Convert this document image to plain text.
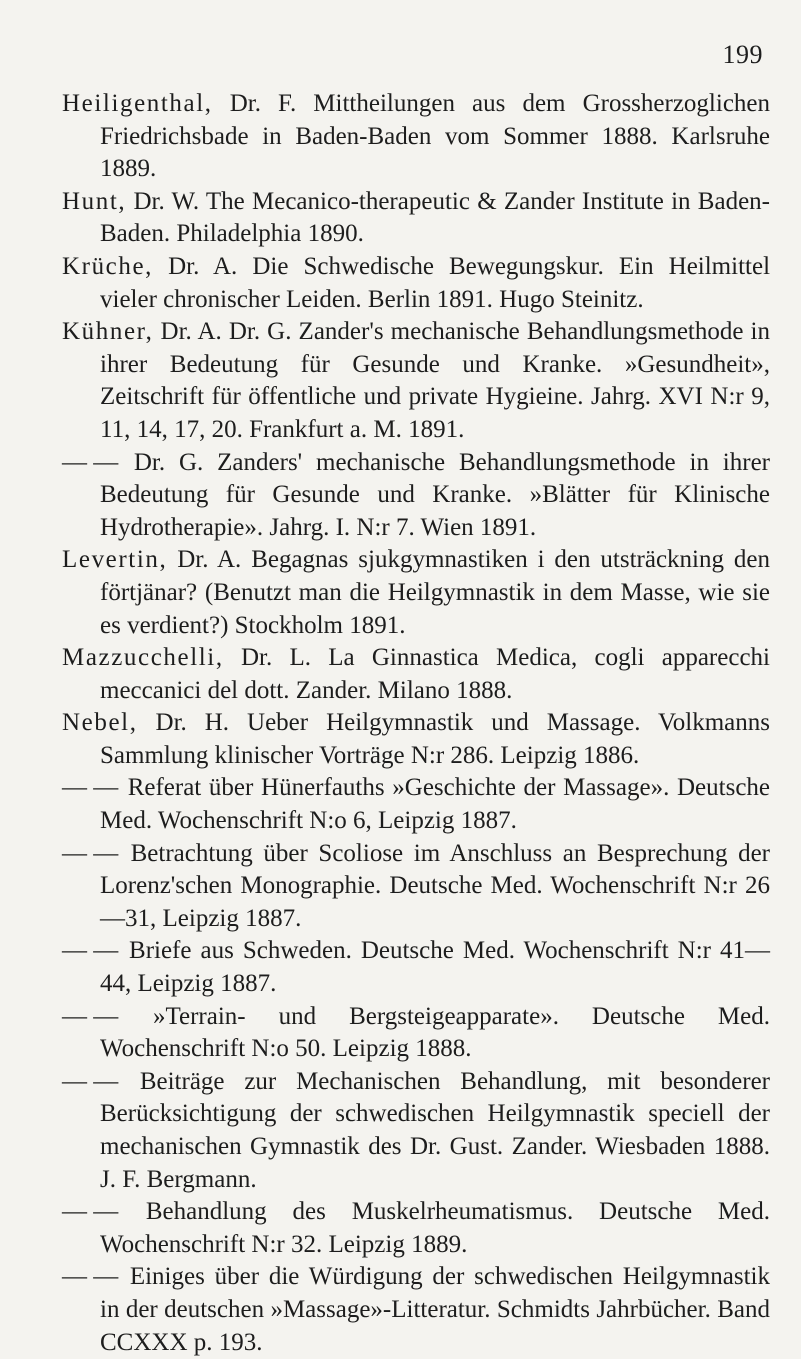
199

Heiligenthal, Dr. F. Mittheilungen aus dem Grossherzoglichen Friedrichsbade in Baden-Baden vom Sommer 1888. Karlsruhe 1889.

Hunt, Dr. W. The Mecanico-therapeutic & Zander Institute in Baden-Baden. Philadelphia 1890.

Krüche, Dr. A. Die Schwedische Bewegungskur. Ein Heilmittel vieler chronischer Leiden. Berlin 1891. Hugo Steinitz.

Kühner, Dr. A. Dr. G. Zander's mechanische Behandlungsmethode in ihrer Bedeutung für Gesunde und Kranke. »Gesundheit», Zeitschrift für öffentliche und private Hygieine. Jahrg. XVI N:r 9, 11, 14, 17, 20. Frankfurt a. M. 1891.

— — Dr. G. Zanders' mechanische Behandlungsmethode in ihrer Bedeutung für Gesunde und Kranke. »Blätter für Klinische Hydrotherapie». Jahrg. I. N:r 7. Wien 1891.

Levertin, Dr. A. Begagnas sjukgymnastiken i den utsträckning den förtjänar? (Benutzt man die Heilgymnastik in dem Masse, wie sie es verdient?) Stockholm 1891.

Mazzucchelli, Dr. L. La Ginnastica Medica, cogli apparecchi meccanici del dott. Zander. Milano 1888.

Nebel, Dr. H. Ueber Heilgymnastik und Massage. Volkmanns Sammlung klinischer Vorträge N:r 286. Leipzig 1886.

— — Referat über Hünerfauths »Geschichte der Massage». Deutsche Med. Wochenschrift N:o 6, Leipzig 1887.

— — Betrachtung über Scoliose im Anschluss an Besprechung der Lorenz'schen Monographie. Deutsche Med. Wochenschrift N:r 26—31, Leipzig 1887.

— — Briefe aus Schweden. Deutsche Med. Wochenschrift N:r 41—44, Leipzig 1887.

— — »Terrain- und Bergsteigeapparate». Deutsche Med. Wochenschrift N:o 50. Leipzig 1888.

— — Beiträge zur Mechanischen Behandlung, mit besonderer Berücksichtigung der schwedischen Heilgymnastik speciell der mechanischen Gymnastik des Dr. Gust. Zander. Wiesbaden 1888. J. F. Bergmann.

— — Behandlung des Muskelrheumatismus. Deutsche Med. Wochenschrift N:r 32. Leipzig 1889.

— — Einiges über die Würdigung der schwedischen Heilgymnastik in der deutschen »Massage»-Litteratur. Schmidts Jahrbücher. Band CCXXX p. 193.
